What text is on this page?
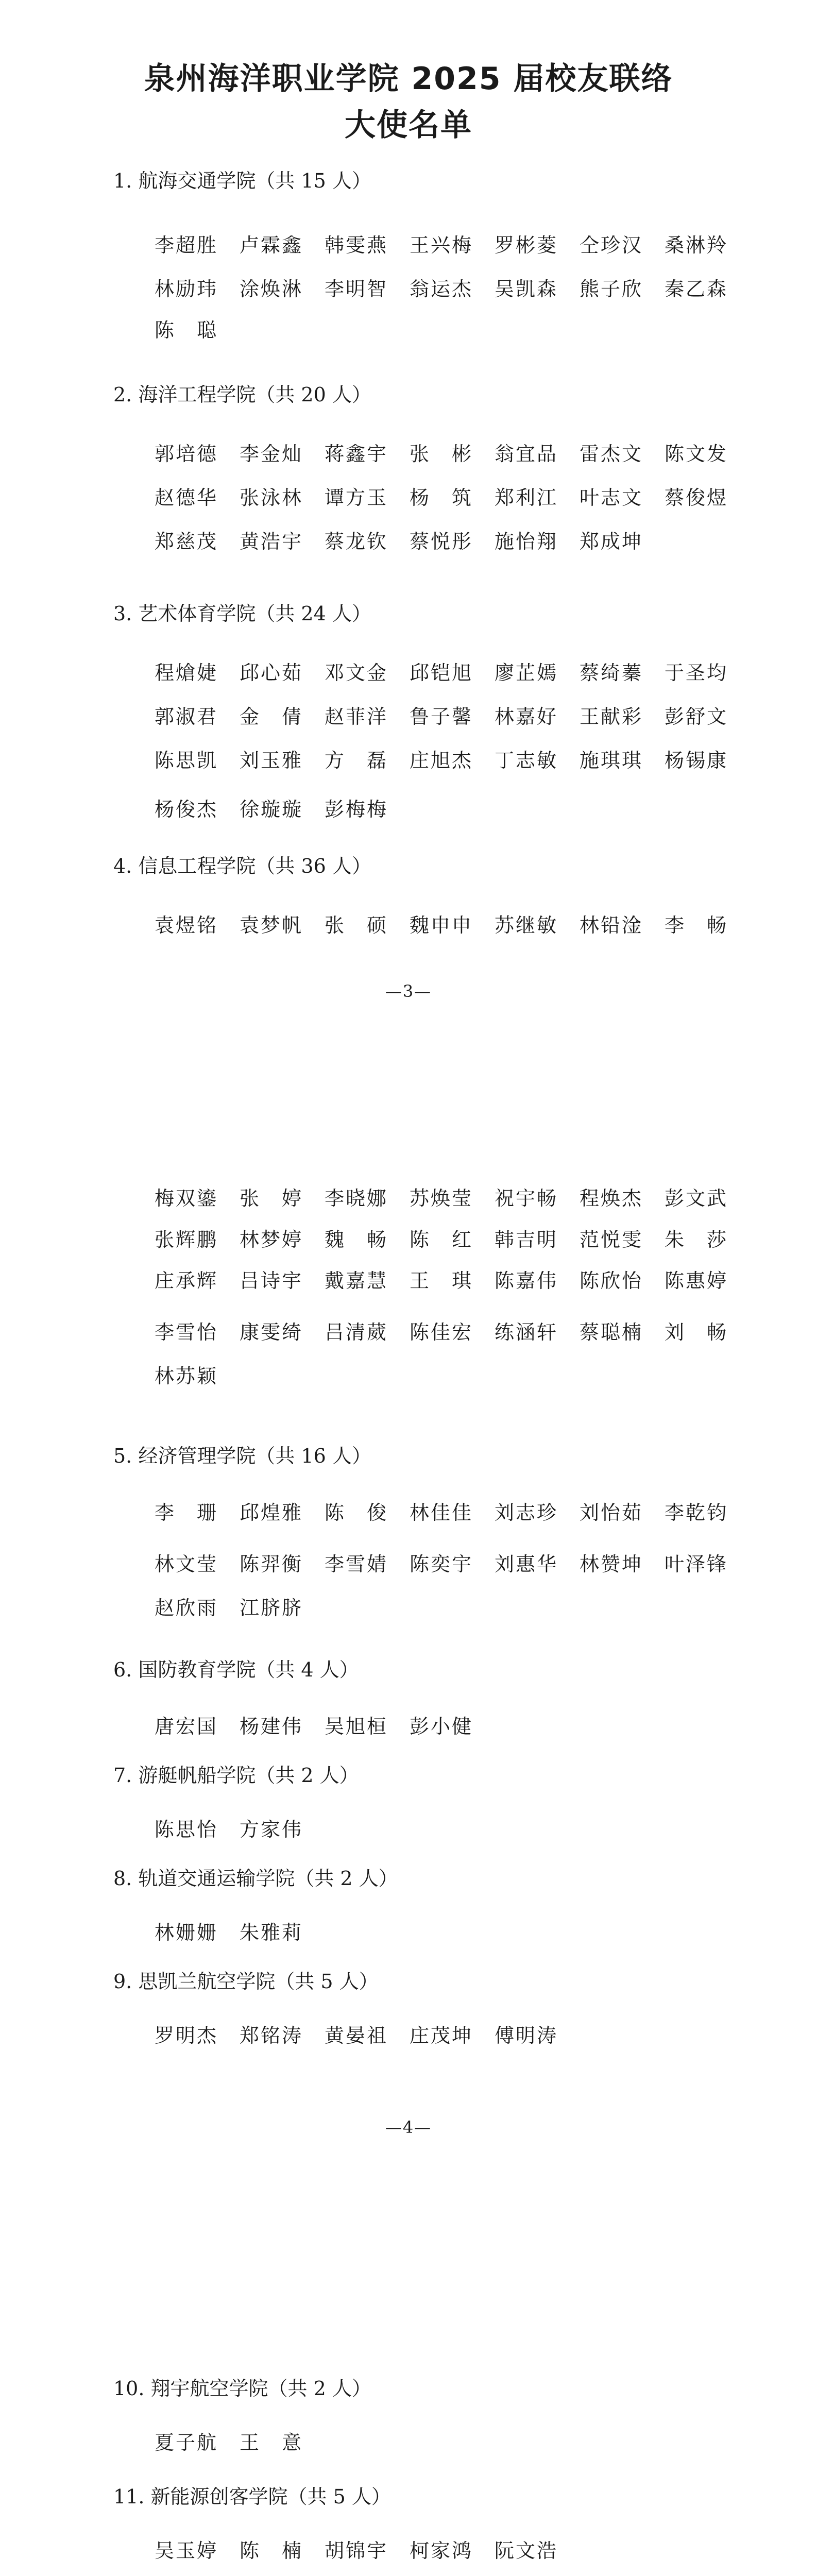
泉州海洋职业学院 2025 届校友联络
大使名单
1. 航海交通学院（共 15 人）
李超胜 卢霖鑫 韩雯燕 王兴梅 罗彬菱 仝珍汉 桑淋羚
林励玮 涂焕淋 李明智 翁运杰 吴凯森 熊子欣 秦乙森
陈　聪
2. 海洋工程学院（共 20 人）
郭培德 李金灿 蒋鑫宇 张　彬 翁宜品 雷杰文 陈文发
赵德华 张泳林 谭方玉 杨　筑 郑利江 叶志文 蔡俊煜
郑慈茂 黄浩宇 蔡龙钦 蔡悦彤 施怡翔 郑成坤
3. 艺术体育学院（共 24 人）
程熗婕 邱心茹 邓文金 邱铠旭 廖芷嫣 蔡绮蓁 于圣均
郭淑君 金　倩 赵菲洋 鲁子馨 林嘉好 王献彩 彭舒文
陈思凯 刘玉雅 方　磊 庄旭杰 丁志敏 施琪琪 杨锡康
杨俊杰 徐璇璇 彭梅梅
4. 信息工程学院（共 36 人）
袁煜铭 袁梦帆 张　硕 魏申申 苏继敏 林铅淦 李　畅
—3—
梅双鎏 张　婷 李晓娜 苏焕莹 祝宇畅 程焕杰 彭文武
张辉鹏 林梦婷 魏　畅 陈　红 韩吉明 范悦雯 朱　莎
庄承辉 吕诗宇 戴嘉慧 王　琪 陈嘉伟 陈欣怡 陈惠婷
李雪怡 康雯绮 吕清葳 陈佳宏 练涵轩 蔡聪楠 刘　畅
林苏颖
5. 经济管理学院（共 16 人）
李　珊 邱煌雅 陈　俊 林佳佳 刘志珍 刘怡茹 李乾钧
林文莹 陈羿衡 李雪婧 陈奕宇 刘惠华 林赞坤 叶泽锋
赵欣雨 江脐脐
6. 国防教育学院（共 4 人）
唐宏国 杨建伟 吴旭桓 彭小健
7. 游艇帆船学院（共 2 人）
陈思怡 方家伟
8. 轨道交通运输学院（共 2 人）
林姗姗 朱雅莉
9. 思凯兰航空学院（共 5 人）
罗明杰 郑铭涛 黄晏祖 庄茂坤 傅明涛
—4—
10. 翔宇航空学院（共 2 人）
夏子航 王　意
11. 新能源创客学院（共 5 人）
吴玉婷 陈　楠 胡锦宇 柯家鸿 阮文浩
